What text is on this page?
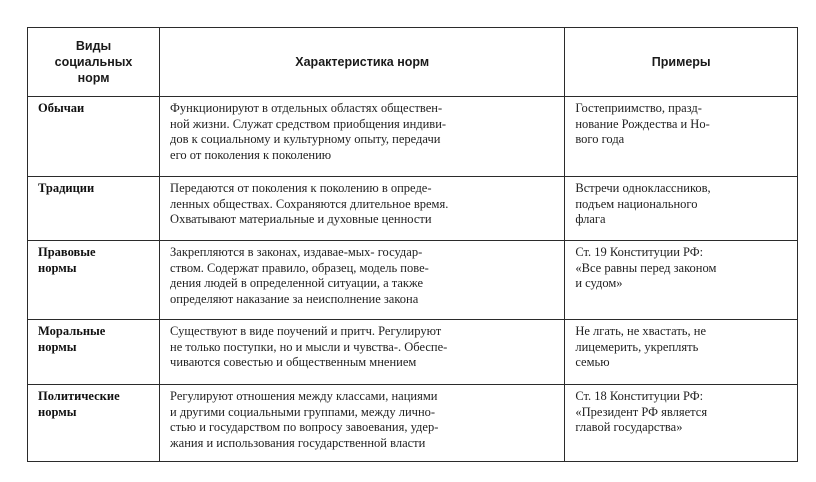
Виды
социальных
норм	Характеристика норм	Примеры

Обычаи	Функционируют в отдельных областях обществен-
ной жизни. Служат средством приобщения индиви-
дов к социальному и культурному опыту, передачи
его от поколения к поколению	Гостеприимство, празд-
нование Рождества и Но-
вого года

Традиции	Передаются от поколения к поколению в опреде-
ленных обществах. Сохраняются длительное время.
Охватывают материальные и духовные ценности	Встречи одноклассников,
подъем национального
флага

Правовые
нормы	Закрепляются в законах, издавае-мых- государ-
ством. Содержат правило, образец, модель пове-
дения людей в определенной ситуации, а также
определяют наказание за неисполнение закона	Ст. 19 Конституции РФ:
«Все равны перед законом
и судом»

Моральные
нормы	Существуют в виде поучений и притч. Регулируют
не только поступки, но и мысли и чувства-. Обеспе-
чиваются совестью и общественным мнением	Не лгать, не хвастать, не
лицемерить, укреплять
семью

Политические
нормы	Регулируют отношения между классами, нациями
и другими социальными группами, между лично-
стью и государством по вопросу завоевания, удер-
жания и использования государственной власти	Ст. 18 Конституции РФ:
«Президент РФ является
главой государства»
